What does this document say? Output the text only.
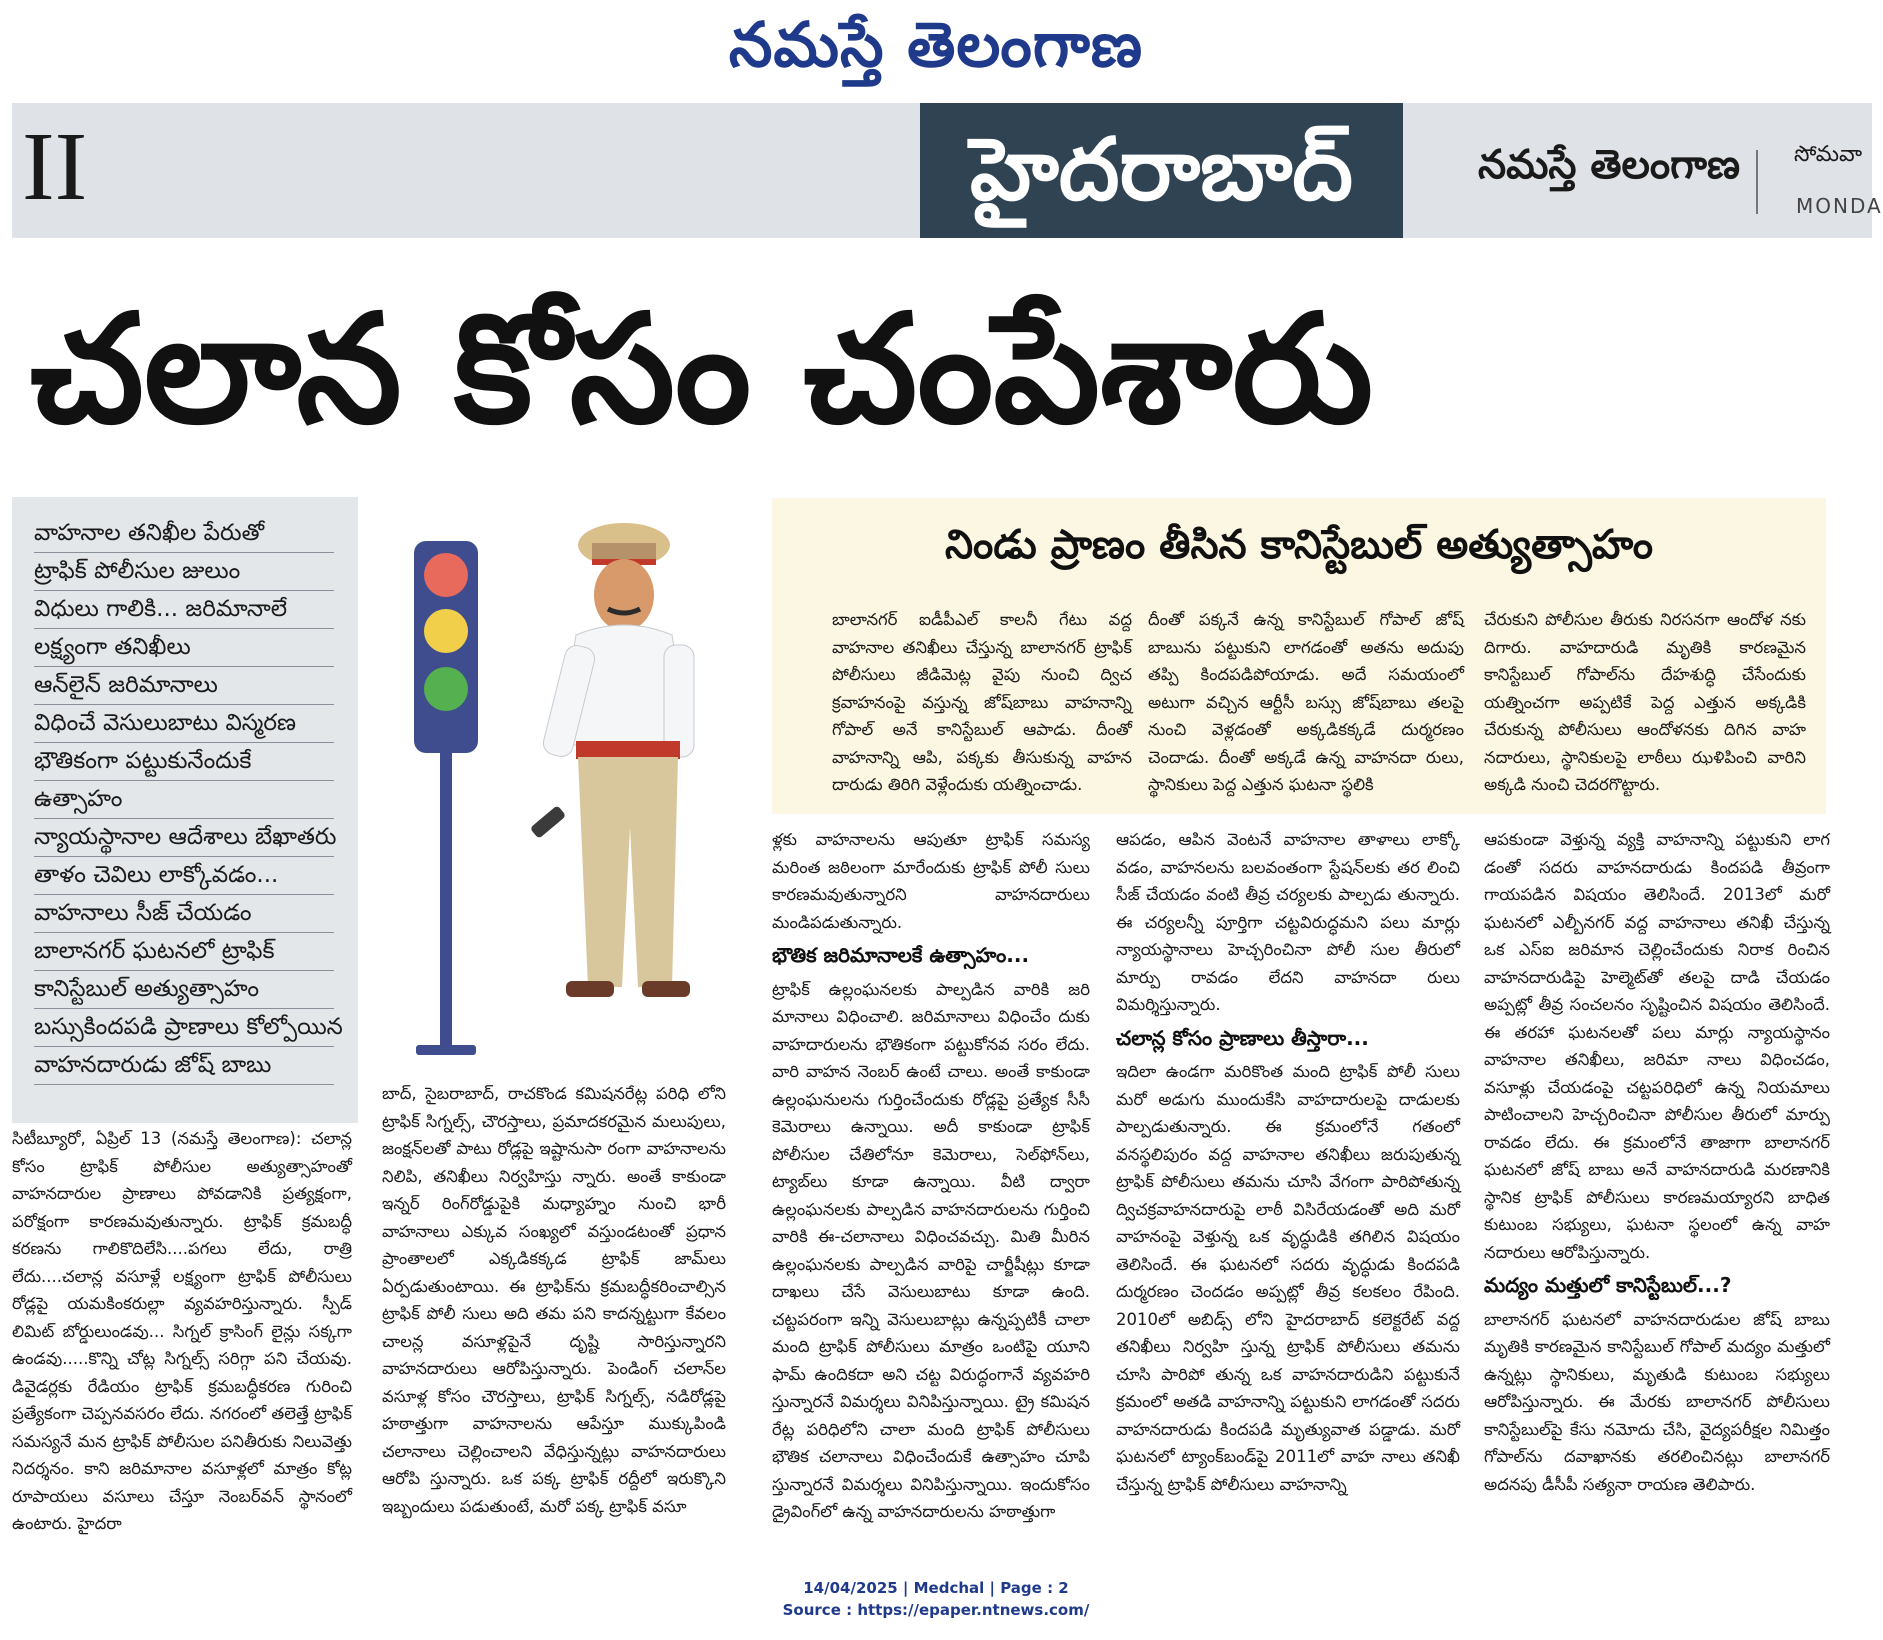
నమస్తే తెలంగాణ
II	హైదరాబాద్	నమస్తే తెలంగాణ సోమవా
MONDA
చలాన కోసం చంపేశారు
వాహనాల తనిఖీల పేరుతో
ట్రాఫిక్ పోలీసుల జులుం
విధులు గాలికి... జరిమానాలే
లక్ష్యంగా తనిఖీలు
ఆన్‌లైన్ జరిమానాలు
విధించే వెసులుబాటు విస్మరణ
భౌతికంగా పట్టుకునేందుకే
ఉత్సాహం
న్యాయస్థానాల ఆదేశాలు బేఖాతరు
తాళం చెవిలు లాక్కోవడం...
వాహనాలు సీజ్ చేయడం
బాలానగర్ ఘటనలో ట్రాఫిక్
కానిస్టేబుల్ అత్యుత్సాహం
బస్సుకిందపడి ప్రాణాలు కోల్పోయిన
వాహనదారుడు జోష్ బాబు
నిండు ప్రాణం తీసిన కానిస్టేబుల్ అత్యుత్సాహం

బాలానగర్ ఐడీపీఎల్ కాలనీ గేటు వద్ద వాహనాల తనిఖీలు చేస్తున్న బాలానగర్ ట్రాఫిక్ పోలీసులు జీడిమెట్ల వైపు నుంచి ద్విచ క్రవాహనంపై వస్తున్న జోష్‌బాబు వాహనాన్ని గోపాల్ అనే కానిస్టేబుల్ ఆపాడు. దీంతో వాహనాన్ని ఆపి, పక్కకు తీసుకున్న వాహన దారుడు తిరిగి వెళ్లేందుకు యత్నించాడు.

దీంతో పక్కనే ఉన్న కానిస్టేబుల్ గోపాల్ జోష్ బాబును పట్టుకుని లాగడంతో అతను అదుపు తప్పి కిందపడిపోయాడు. అదే సమయంలో అటుగా వచ్చిన ఆర్టీసీ బస్సు జోష్‌బాబు తలపై నుంచి వెళ్లడంతో అక్కడికక్కడే దుర్మరణం చెందాడు. దీంతో అక్కడే ఉన్న వాహనదా రులు, స్థానికులు పెద్ద ఎత్తున ఘటనా స్థలికి

చేరుకుని పోలీసుల తీరుకు నిరసనగా ఆందోళ నకు దిగారు. వాహదారుడి మృతికి కారణమైన కానిస్టేబుల్ గోపాల్‌ను దేహశుద్ధి చేసేందుకు యత్నించగా అప్పటికే పెద్ద ఎత్తున అక్కడికి చేరుకున్న పోలీసులు ఆందోళనకు దిగిన వాహ నదారులు, స్థానికులపై లాఠీలు ఝళిపించి వారిని అక్కడి నుంచి చెదరగొట్టారు.

సిటీబ్యూరో, ఏప్రిల్ 13 (నమస్తే తెలంగాణ): చలాన్ల కోసం ట్రాఫిక్ పోలీసుల అత్యుత్సాహంతో వాహనదారుల ప్రాణాలు పోవడానికి ప్రత్యక్షంగా, పరోక్షంగా కారణమవుతున్నారు. ట్రాఫిక్ క్రమబద్ధీ కరణను గాలికొదిలేసి....పగలు లేదు, రాత్రి లేదు....చలాన్ల వసూళ్లే లక్ష్యంగా ట్రాఫిక్ పోలీసులు రోడ్లపై యమకింకరుల్లా వ్యవహరిస్తున్నారు. స్పీడ్ లిమిట్ బోర్డులుండవు... సిగ్నల్ క్రాసింగ్ లైన్లు సక్కగా ఉండవు.....కొన్ని చోట్ల సిగ్నల్స్ సరిగ్గా పని చేయవు. డివైడర్లకు రేడియం ట్రాఫిక్ క్రమబద్ధీకరణ గురించి ప్రత్యేకంగా చెప్పనవసరం లేదు. నగరంలో తలెత్తే ట్రాఫిక్ సమస్యనే మన ట్రాఫిక్ పోలీసుల పనితీరుకు నిలువెత్తు నిదర్శనం. కాని జరిమానాల వసూళ్లలో మాత్రం కోట్ల రూపాయలు వసూలు చేస్తూ నెంబర్‌వన్ స్థానంలో ఉంటారు. హైదరా

బాద్, సైబరాబాద్, రాచకొండ కమిషనరేట్ల పరిధి లోని ట్రాఫిక్ సిగ్నల్స్, చౌరస్తాలు, ప్రమాదకరమైన మలుపులు, జంక్షన్‌లతో పాటు రోడ్లపై ఇష్టానుసా రంగా వాహనాలను నిలిపి, తనిఖీలు నిర్వహిస్తు న్నారు. అంతే కాకుండా ఇన్నర్ రింగ్‌రోడ్డుపైకి మధ్యాహ్నం నుంచి భారీ వాహనాలు ఎక్కువ సంఖ్యలో వస్తుండటంతో ప్రధాన ప్రాంతాలలో ఎక్కడికక్కడ ట్రాఫిక్ జామ్‌లు ఏర్పడుతుంటాయి. ఈ ట్రాఫిక్‌ను క్రమబద్ధీకరించాల్సిన ట్రాఫిక్ పోలీ సులు అది తమ పని కాదన్నట్టుగా కేవలం చాలన్ల వసూళ్లపైనే దృష్టి సారిస్తున్నారని వాహనదారులు ఆరోపిస్తున్నారు. పెండింగ్ చలాన్‌ల వసూళ్ల కోసం చౌరస్తాలు, ట్రాఫిక్ సిగ్నల్స్, నడిరోడ్లపై హఠాత్తుగా వాహనాలను ఆపేస్తూ ముక్కుపిండి చలానాలు చెల్లించాలని వేధిస్తున్నట్లు వాహనదారులు ఆరోపి స్తున్నారు. ఒక పక్క ట్రాఫిక్ రద్దీలో ఇరుక్కొని ఇబ్బందులు పడుతుంటే, మరో పక్క ట్రాఫిక్ వసూ

ళ్లకు వాహనాలను ఆపుతూ ట్రాఫిక్ సమస్య మరింత జఠిలంగా మారేందుకు ట్రాఫిక్ పోలీ సులు కారణమవుతున్నారని వాహనదారులు మండిపడుతున్నారు.

భౌతిక జరిమానాలకే ఉత్సాహం...

ట్రాఫిక్ ఉల్లంఘనలకు పాల్పడిన వారికి జరి మానాలు విధించాలి. జరిమానాలు విధించేం దుకు వాహదారులను భౌతికంగా పట్టుకోనవ సరం లేదు. వారి వాహన నెంబర్ ఉంటే చాలు. అంతే కాకుండా ఉల్లంఘనులను గుర్తించేందుకు రోడ్లపై ప్రత్యేక సీసీ కెమెరాలు ఉన్నాయి. అదీ కాకుండా ట్రాఫిక్ పోలీసుల చేతిలోనూ కెమెరాలు, సెల్‌ఫోన్‌లు, ట్యాబ్‌లు కూడా ఉన్నాయి. వీటి ద్వారా ఉల్లంఘనలకు పాల్పడిన వాహనదారులను గుర్తించి వారికి ఈ-చలానాలు విధించవచ్చు. మితి మీరిన ఉల్లంఘనలకు పాల్పడిన వారిపై చార్జీషీట్లు కూడా దాఖలు చేసే వెసులుబాటు కూడా ఉంది. చట్టపరంగా ఇన్ని వెసులుబాట్లు ఉన్నప్పటికీ చాలా మంది ట్రాఫిక్ పోలీసులు మాత్రం ఒంటిపై యూని ఫామ్ ఉందికదా అని చట్ట విరుద్ధంగానే వ్యవహరి స్తున్నారనే విమర్శలు వినిపిస్తున్నాయి. ట్రై కమిషన రేట్ల పరిధిలోని చాలా మంది ట్రాఫిక్ పోలీసులు భౌతిక చలానాలు విధించేందుకే ఉత్సాహం చూపి స్తున్నారనే విమర్శలు వినిపిస్తున్నాయి. ఇందుకోసం డ్రైవింగ్‌లో ఉన్న వాహనదారులను హఠాత్తుగా

ఆపడం, ఆపిన వెంటనే వాహనాల తాళాలు లాక్కో వడం, వాహనలను బలవంతంగా స్టేషన్‌లకు తర లించి సీజ్ చేయడం వంటి తీవ్ర చర్యలకు పాల్పడు తున్నారు. ఈ చర్యలన్నీ పూర్తిగా చట్టవిరుద్ధమని పలు మార్లు న్యాయస్థానాలు హెచ్చరించినా పోలీ సుల తీరులో మార్పు రావడం లేదని వాహనదా రులు విమర్శిస్తున్నారు.

చలాన్ల కోసం ప్రాణాలు తీస్తారా...

ఇదిలా ఉండగా మరికొంత మంది ట్రాఫిక్ పోలీ సులు మరో అడుగు ముందుకేసి వాహదారులపై దాడులకు పాల్పడుతున్నారు. ఈ క్రమంలోనే గతంలో వనస్థలిపురం వద్ద వాహనాల తనిఖీలు జరుపుతున్న ట్రాఫిక్ పోలీసులు తమను చూసి వేగంగా పారిపోతున్న ద్విచక్రవాహనదారుపై లాఠీ విసిరేయడంతో అది మరో వాహనంపై వెళ్తున్న ఒక వృద్ధుడికి తగిలిన విషయం తెలిసిందే. ఈ ఘటనలో సదరు వృద్ధుడు కిందపడి దుర్మరణం చెందడం అప్పట్లో తీవ్ర కలకలం రేపింది. 2010లో అబిడ్స్ లోని హైదరాబాద్ కలెక్టరేట్ వద్ద తనిఖీలు నిర్వహి స్తున్న ట్రాఫిక్ పోలీసులు తమను చూసి పారిపో తున్న ఒక వాహనదారుడిని పట్టుకునే క్రమంలో అతడి వాహనాన్ని పట్టుకుని లాగడంతో సదరు వాహనదారుడు కిందపడి మృత్యువాత పడ్డాడు. మరో ఘటనలో ట్యాంక్‌బండ్‌పై 2011లో వాహ నాలు తనిఖీ చేస్తున్న ట్రాఫిక్ పోలీసులు వాహనాన్ని

ఆపకుండా వెళ్తున్న వ్యక్తి వాహనాన్ని పట్టుకుని లాగ డంతో సదరు వాహనదారుడు కిందపడి తీవ్రంగా గాయపడిన విషయం తెలిసిందే. 2013లో మరో ఘటనలో ఎల్బీనగర్ వద్ద వాహనాలు తనిఖీ చేస్తున్న ఒక ఎస్ఐ జరిమాన చెల్లించేందుకు నిరాక రించిన వాహనదారుడిపై హెల్మెట్‌తో తలపై దాడి చేయడం అప్పట్లో తీవ్ర సంచలనం సృష్టించిన విషయం తెలిసిందే. ఈ తరహా ఘటనలతో పలు మార్లు న్యాయస్థానం వాహనాల తనిఖీలు, జరిమా నాలు విధించడం, వసూళ్లు చేయడంపై చట్టపరిధిలో ఉన్న నియమాలు పాటించాలని హెచ్చరించినా పోలీసుల తీరులో మార్పు రావడం లేదు. ఈ క్రమంలోనే తాజాగా బాలానగర్ ఘటనలో జోష్ బాబు అనే వాహనదారుడి మరణానికి స్థానిక ట్రాఫిక్ పోలీసులు కారణమయ్యారని బాధిత కుటుంబ సభ్యులు, ఘటనా స్థలంలో ఉన్న వాహ నదారులు ఆరోపిస్తున్నారు.

మద్యం మత్తులో కానిస్టేబుల్...?

బాలానగర్ ఘటనలో వాహనదారుడుల జోష్ బాబు మృతికి కారణమైన కానిస్టేబుల్ గోపాల్ మద్యం మత్తులో ఉన్నట్లు స్థానికులు, మృతుడి కుటుంబ సభ్యులు ఆరోపిస్తున్నారు. ఈ మేరకు బాలానగర్ పోలీసులు కానిస్టేబుల్‌పై కేసు నమోదు చేసి, వైద్యపరీక్షల నిమిత్తం గోపాల్‌ను దవాఖానకు తరలించినట్లు బాలానగర్ అదనపు డీసీపీ సత్యనా రాయణ తెలిపారు.

14/04/2025 | Medchal | Page : 2
Source : https://epaper.ntnews.com/
